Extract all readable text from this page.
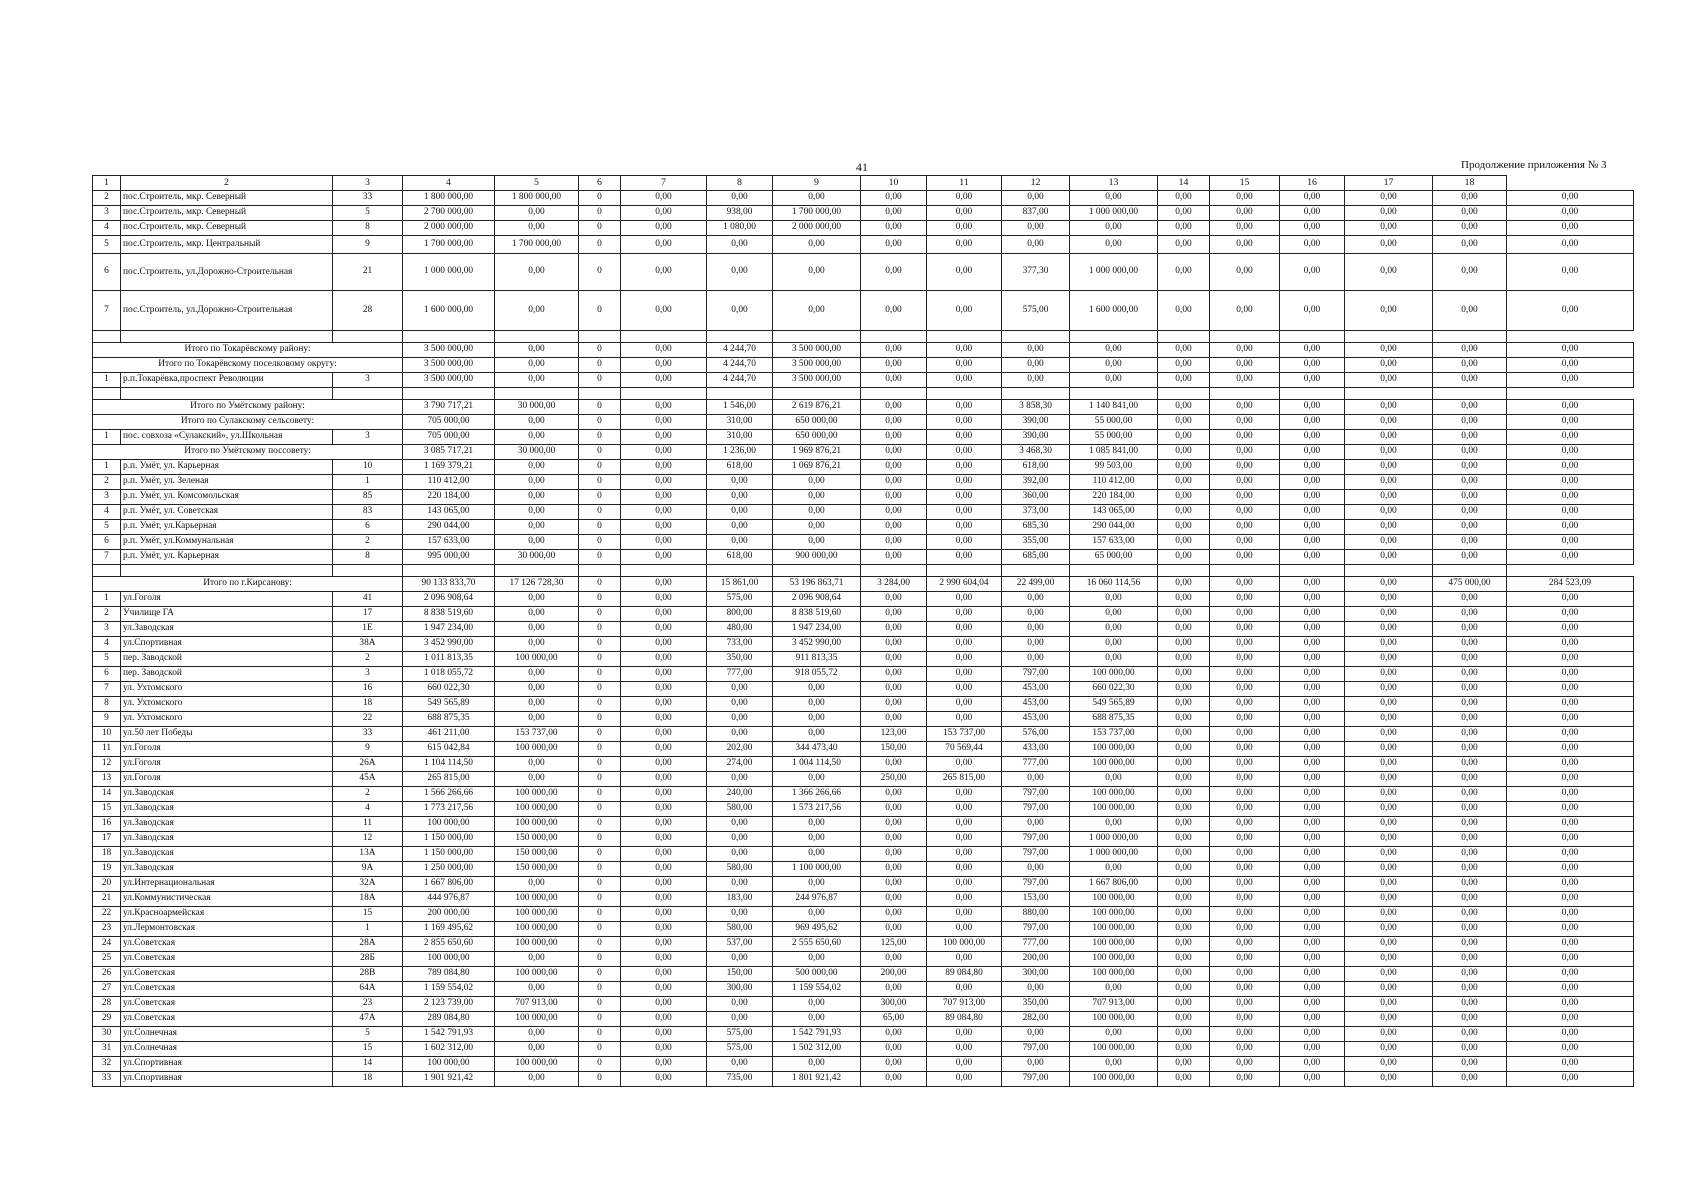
41	Продолжение приложения № 3
1	2	3	4	5	6	7	8	9	10	11	12	13	14	15	16	17	18	
2	пос.Строитель, мкр. Северный	33	1 800 000,00	1 800 000,00	0	0,00	0,00	0,00	0,00	0,00	0,00	0,00	0,00	0,00	0,00	0,00	0,00	0,00
3	пос.Строитель, мкр. Северный	5	2 700 000,00	0,00	0	0,00	938,00	1 700 000,00	0,00	0,00	837,00	1 000 000,00	0,00	0,00	0,00	0,00	0,00	0,00
4	пос.Строитель, мкр. Северный	8	2 000 000,00	0,00	0	0,00	1 080,00	2 000 000,00	0,00	0,00	0,00	0,00	0,00	0,00	0,00	0,00	0,00	0,00
5	пос.Строитель, мкр. Центральный	9	1 700 000,00	1 700 000,00	0	0,00	0,00	0,00	0,00	0,00	0,00	0,00	0,00	0,00	0,00	0,00	0,00	0,00
6	пос.Строитель, ул.Дорожно-Строительная	21	1 000 000,00	0,00	0	0,00	0,00	0,00	0,00	0,00	377,30	1 000 000,00	0,00	0,00	0,00	0,00	0,00	0,00
7	пос.Строитель, ул.Дорожно-Строительная	28	1 600 000,00	0,00	0	0,00	0,00	0,00	0,00	0,00	575,00	1 600 000,00	0,00	0,00	0,00	0,00	0,00	0,00

Итого по Токарёвскому району:			3 500 000,00	0,00	0	0,00	4 244,70	3 500 000,00	0,00	0,00	0,00	0,00	0,00	0,00	0,00	0,00	0,00	0,00
Итого по Токарёвскому поселковому округу:			3 500 000,00	0,00	0	0,00	4 244,70	3 500 000,00	0,00	0,00	0,00	0,00	0,00	0,00	0,00	0,00	0,00	0,00
1	р.п.Токарёвка,проспект Революции	3	3 500 000,00	0,00	0	0,00	4 244,70	3 500 000,00	0,00	0,00	0,00	0,00	0,00	0,00	0,00	0,00	0,00	0,00

Итого по Умётскому району:			3 790 717,21	30 000,00	0	0,00	1 546,00	2 619 876,21	0,00	0,00	3 858,30	1 140 841,00	0,00	0,00	0,00	0,00	0,00	0,00
Итого по Сулакскому сельсовету:			705 000,00	0,00	0	0,00	310,00	650 000,00	0,00	0,00	390,00	55 000,00	0,00	0,00	0,00	0,00	0,00	0,00
1	пос. совхоза «Сулакский», ул.Школьная	3	705 000,00	0,00	0	0,00	310,00	650 000,00	0,00	0,00	390,00	55 000,00	0,00	0,00	0,00	0,00	0,00	0,00
Итого по Умётскому поссовету:			3 085 717,21	30 000,00	0	0,00	1 236,00	1 969 876,21	0,00	0,00	3 468,30	1 085 841,00	0,00	0,00	0,00	0,00	0,00	0,00
1	р.п. Умёт, ул. Карьерная	10	1 169 379,21	0,00	0	0,00	618,00	1 069 876,21	0,00	0,00	618,00	99 503,00	0,00	0,00	0,00	0,00	0,00	0,00
2	р.п. Умёт, ул. Зеленая	1	110 412,00	0,00	0	0,00	0,00	0,00	0,00	0,00	392,00	110 412,00	0,00	0,00	0,00	0,00	0,00	0,00
3	р.п. Умёт, ул. Комсомольская	85	220 184,00	0,00	0	0,00	0,00	0,00	0,00	0,00	360,00	220 184,00	0,00	0,00	0,00	0,00	0,00	0,00
4	р.п. Умёт, ул. Советская	83	143 065,00	0,00	0	0,00	0,00	0,00	0,00	0,00	373,00	143 065,00	0,00	0,00	0,00	0,00	0,00	0,00
5	р.п. Умёт, ул.Карьерная	6	290 044,00	0,00	0	0,00	0,00	0,00	0,00	0,00	685,30	290 044,00	0,00	0,00	0,00	0,00	0,00	0,00
6	р.п. Умёт, ул.Коммунальная	2	157 633,00	0,00	0	0,00	0,00	0,00	0,00	0,00	355,00	157 633,00	0,00	0,00	0,00	0,00	0,00	0,00
7	р.п. Умёт, ул. Карьерная	8	995 000,00	30 000,00	0	0,00	618,00	900 000,00	0,00	0,00	685,00	65 000,00	0,00	0,00	0,00	0,00	0,00	0,00

Итого по г.Кирсанову:			90 133 833,70	17 126 728,30	0	0,00	15 861,00	53 196 863,71	3 284,00	2 990 604,04	22 499,00	16 060 114,56	0,00	0,00	0,00	0,00	475 000,00	284 523,09
1	ул.Гоголя	41	2 096 908,64	0,00	0	0,00	575,00	2 096 908,64	0,00	0,00	0,00	0,00	0,00	0,00	0,00	0,00	0,00	0,00
2	Училище ГА	17	8 838 519,60	0,00	0	0,00	800,00	8 838 519,60	0,00	0,00	0,00	0,00	0,00	0,00	0,00	0,00	0,00	0,00
3	ул.Заводская	1Е	1 947 234,00	0,00	0	0,00	480,00	1 947 234,00	0,00	0,00	0,00	0,00	0,00	0,00	0,00	0,00	0,00	0,00
4	ул.Спортивная	38А	3 452 990,00	0,00	0	0,00	733,00	3 452 990,00	0,00	0,00	0,00	0,00	0,00	0,00	0,00	0,00	0,00	0,00
5	пер. Заводской	2	1 011 813,35	100 000,00	0	0,00	350,00	911 813,35	0,00	0,00	0,00	0,00	0,00	0,00	0,00	0,00	0,00	0,00
6	пер. Заводской	3	1 018 055,72	0,00	0	0,00	777,00	918 055,72	0,00	0,00	797,00	100 000,00	0,00	0,00	0,00	0,00	0,00	0,00
7	ул. Ухтомского	16	660 022,30	0,00	0	0,00	0,00	0,00	0,00	0,00	453,00	660 022,30	0,00	0,00	0,00	0,00	0,00	0,00
8	ул. Ухтомского	18	549 565,89	0,00	0	0,00	0,00	0,00	0,00	0,00	453,00	549 565,89	0,00	0,00	0,00	0,00	0,00	0,00
9	ул. Ухтомского	22	688 875,35	0,00	0	0,00	0,00	0,00	0,00	0,00	453,00	688 875,35	0,00	0,00	0,00	0,00	0,00	0,00
10	ул.50 лет Победы	33	461 211,00	153 737,00	0	0,00	0,00	0,00	123,00	153 737,00	576,00	153 737,00	0,00	0,00	0,00	0,00	0,00	0,00
11	ул.Гоголя	9	615 042,84	100 000,00	0	0,00	202,00	344 473,40	150,00	70 569,44	433,00	100 000,00	0,00	0,00	0,00	0,00	0,00	0,00
12	ул.Гоголя	26А	1 104 114,50	0,00	0	0,00	274,00	1 004 114,50	0,00	0,00	777,00	100 000,00	0,00	0,00	0,00	0,00	0,00	0,00
13	ул.Гоголя	45А	265 815,00	0,00	0	0,00	0,00	0,00	250,00	265 815,00	0,00	0,00	0,00	0,00	0,00	0,00	0,00	0,00
14	ул.Заводская	2	1 566 266,66	100 000,00	0	0,00	240,00	1 366 266,66	0,00	0,00	797,00	100 000,00	0,00	0,00	0,00	0,00	0,00	0,00
15	ул.Заводская	4	1 773 217,56	100 000,00	0	0,00	580,00	1 573 217,56	0,00	0,00	797,00	100 000,00	0,00	0,00	0,00	0,00	0,00	0,00
16	ул.Заводская	11	100 000,00	100 000,00	0	0,00	0,00	0,00	0,00	0,00	0,00	0,00	0,00	0,00	0,00	0,00	0,00	0,00
17	ул.Заводская	12	1 150 000,00	150 000,00	0	0,00	0,00	0,00	0,00	0,00	797,00	1 000 000,00	0,00	0,00	0,00	0,00	0,00	0,00
18	ул.Заводская	13А	1 150 000,00	150 000,00	0	0,00	0,00	0,00	0,00	0,00	797,00	1 000 000,00	0,00	0,00	0,00	0,00	0,00	0,00
19	ул.Заводская	9А	1 250 000,00	150 000,00	0	0,00	580,00	1 100 000,00	0,00	0,00	0,00	0,00	0,00	0,00	0,00	0,00	0,00	0,00
20	ул.Интернациональная	32А	1 667 806,00	0,00	0	0,00	0,00	0,00	0,00	0,00	797,00	1 667 806,00	0,00	0,00	0,00	0,00	0,00	0,00
21	ул.Коммунистическая	18А	444 976,87	100 000,00	0	0,00	183,00	244 976,87	0,00	0,00	153,00	100 000,00	0,00	0,00	0,00	0,00	0,00	0,00
22	ул.Красноармейская	15	200 000,00	100 000,00	0	0,00	0,00	0,00	0,00	0,00	880,00	100 000,00	0,00	0,00	0,00	0,00	0,00	0,00
23	ул.Лермонтовская	1	1 169 495,62	100 000,00	0	0,00	580,00	969 495,62	0,00	0,00	797,00	100 000,00	0,00	0,00	0,00	0,00	0,00	0,00
24	ул.Советская	28А	2 855 650,60	100 000,00	0	0,00	537,00	2 555 650,60	125,00	100 000,00	777,00	100 000,00	0,00	0,00	0,00	0,00	0,00	0,00
25	ул.Советская	28Б	100 000,00	0,00	0	0,00	0,00	0,00	0,00	0,00	200,00	100 000,00	0,00	0,00	0,00	0,00	0,00	0,00
26	ул.Советская	28В	789 084,80	100 000,00	0	0,00	150,00	500 000,00	200,00	89 084,80	300,00	100 000,00	0,00	0,00	0,00	0,00	0,00	0,00
27	ул.Советская	64А	1 159 554,02	0,00	0	0,00	300,00	1 159 554,02	0,00	0,00	0,00	0,00	0,00	0,00	0,00	0,00	0,00	0,00
28	ул.Советская	23	2 123 739,00	707 913,00	0	0,00	0,00	0,00	300,00	707 913,00	350,00	707 913,00	0,00	0,00	0,00	0,00	0,00	0,00
29	ул.Советская	47А	289 084,80	100 000,00	0	0,00	0,00	0,00	65,00	89 084,80	282,00	100 000,00	0,00	0,00	0,00	0,00	0,00	0,00
30	ул.Солнечная	5	1 542 791,93	0,00	0	0,00	575,00	1 542 791,93	0,00	0,00	0,00	0,00	0,00	0,00	0,00	0,00	0,00	0,00
31	ул.Солнечная	15	1 602 312,00	0,00	0	0,00	575,00	1 502 312,00	0,00	0,00	797,00	100 000,00	0,00	0,00	0,00	0,00	0,00	0,00
32	ул.Спортивная	14	100 000,00	100 000,00	0	0,00	0,00	0,00	0,00	0,00	0,00	0,00	0,00	0,00	0,00	0,00	0,00	0,00
33	ул.Спортивная	18	1 901 921,42	0,00	0	0,00	735,00	1 801 921,42	0,00	0,00	797,00	100 000,00	0,00	0,00	0,00	0,00	0,00	0,00
